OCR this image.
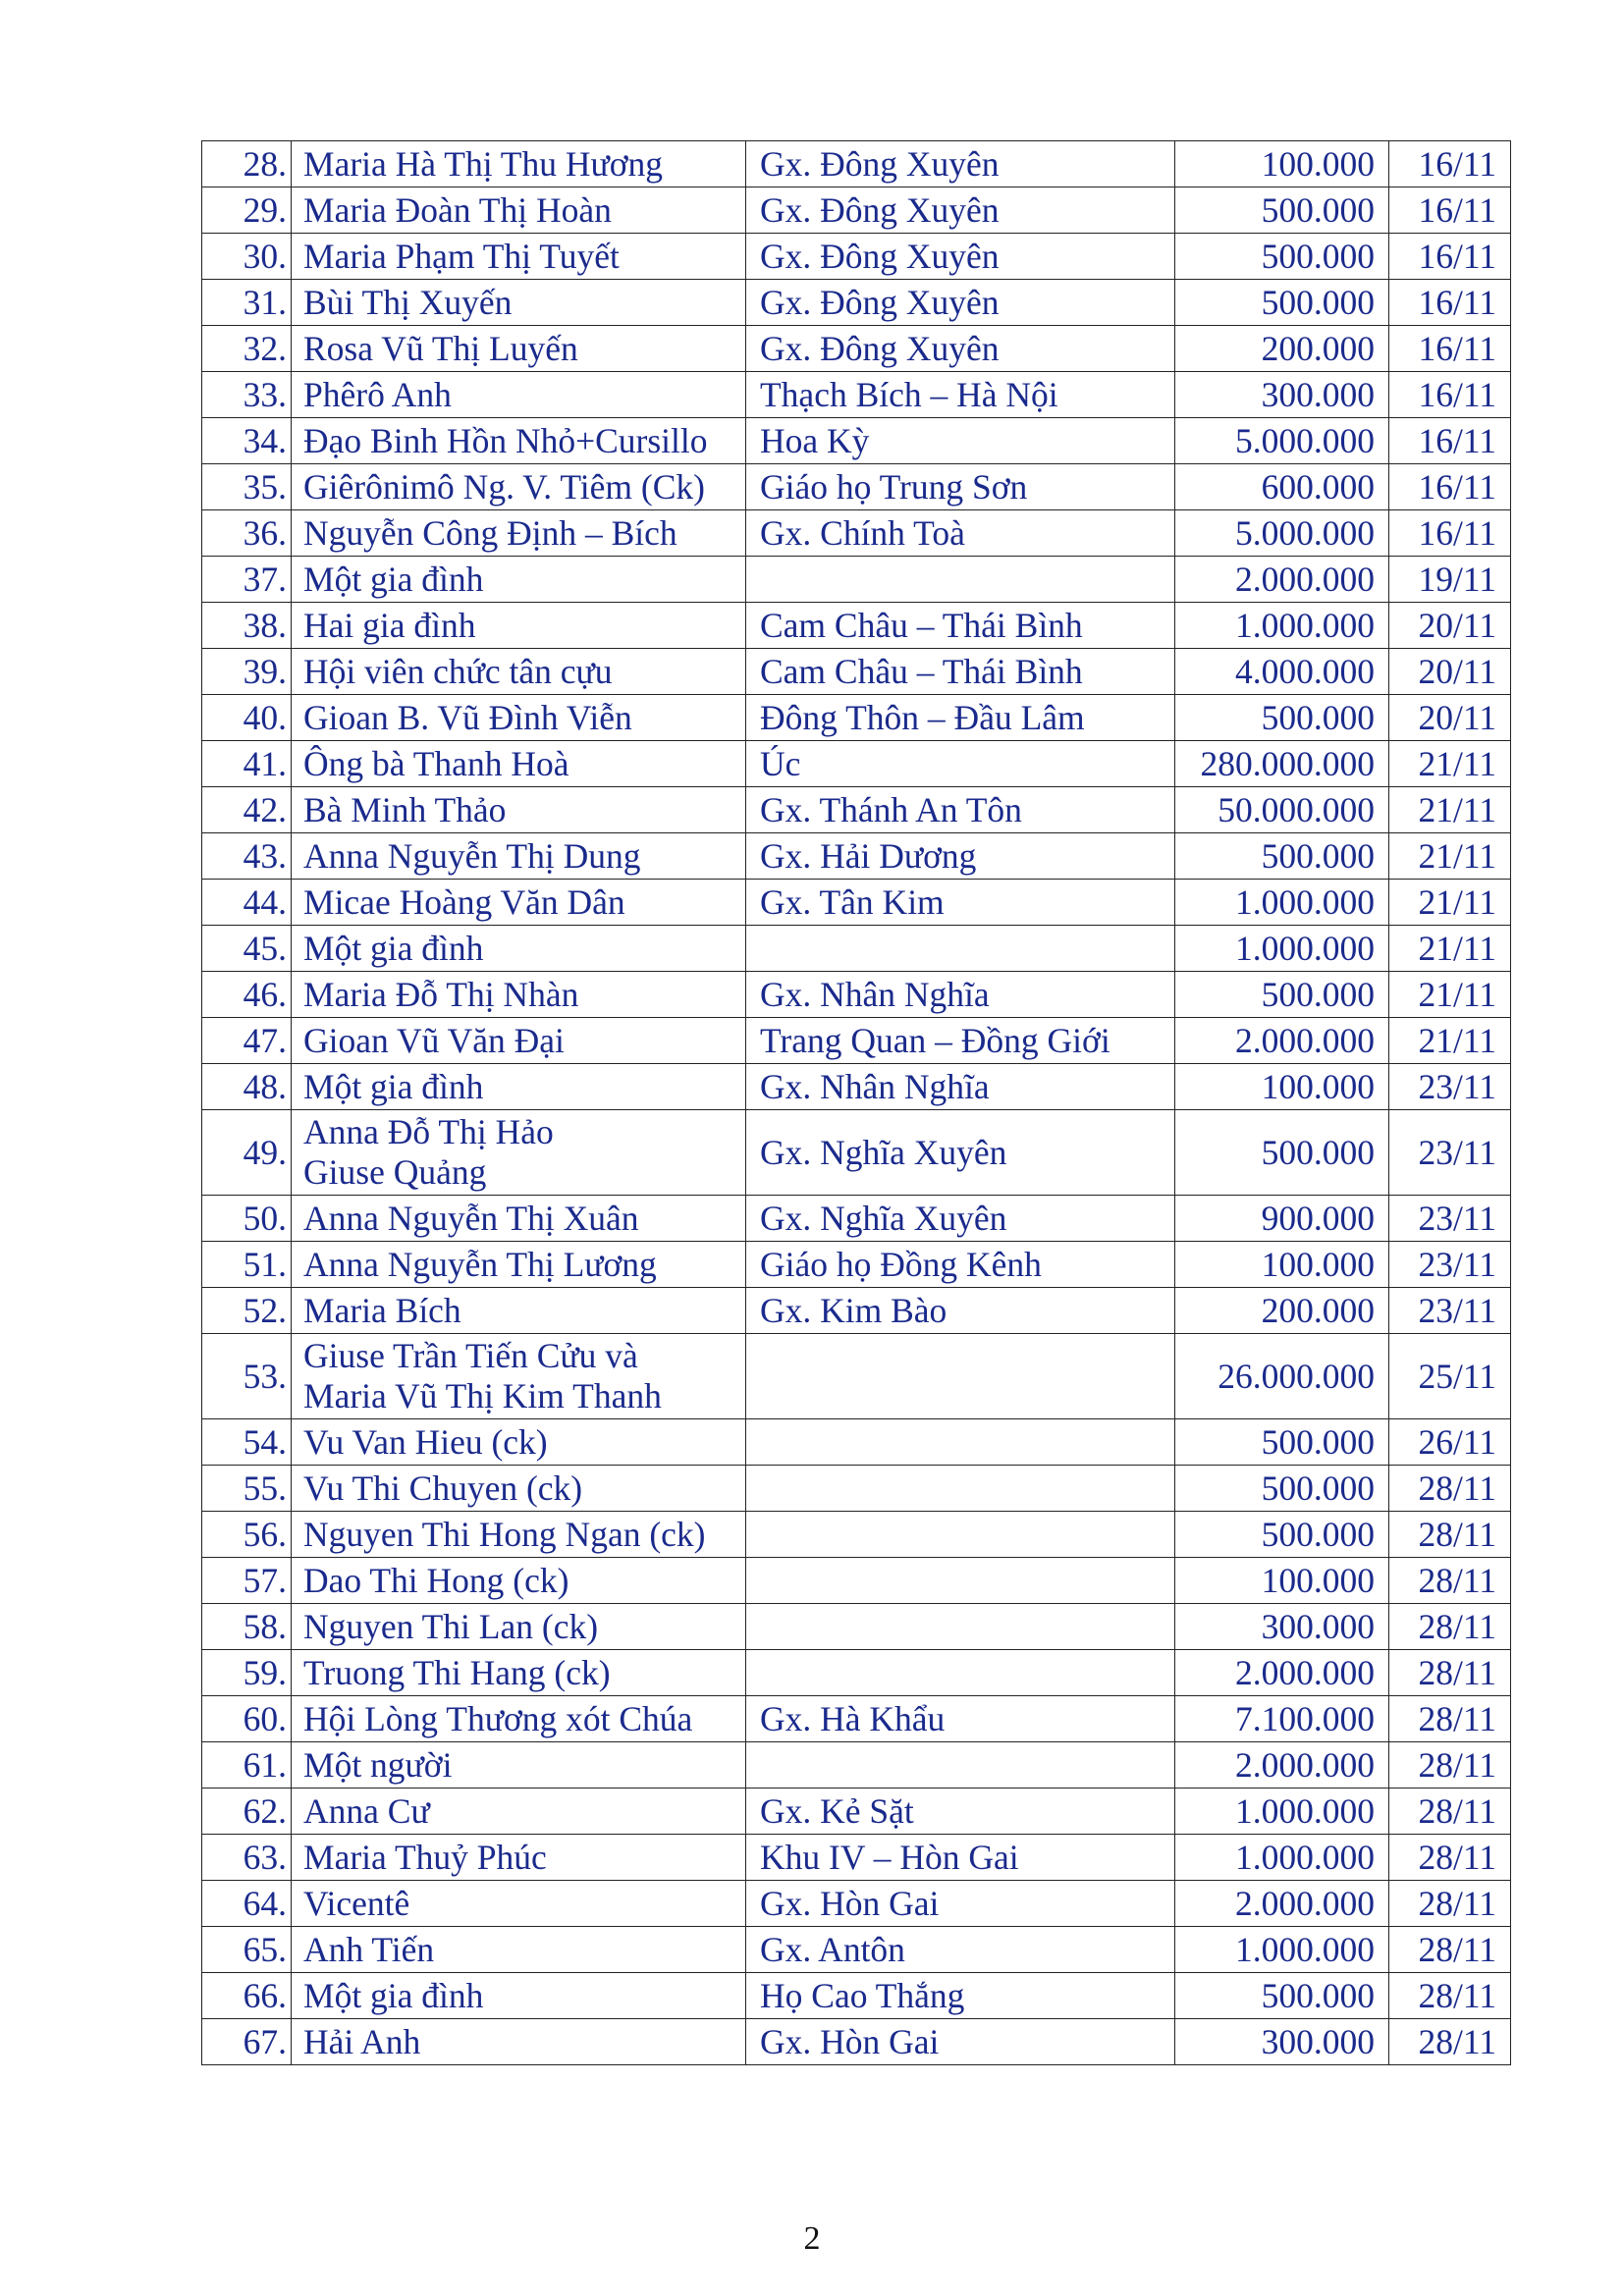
28.	Maria Hà Thị Thu Hương	Gx. Đông Xuyên	100.000	16/11
29.	Maria Đoàn Thị Hoàn	Gx. Đông Xuyên	500.000	16/11
30.	Maria Phạm Thị Tuyết	Gx. Đông Xuyên	500.000	16/11
31.	Bùi Thị Xuyến	Gx. Đông Xuyên	500.000	16/11
32.	Rosa Vũ Thị Luyến	Gx. Đông Xuyên	200.000	16/11
33.	Phêrô Anh	Thạch Bích – Hà Nội	300.000	16/11
34.	Đạo Binh Hồn Nhỏ+Cursillo	Hoa Kỳ	5.000.000	16/11
35.	Giêrônimô Ng. V. Tiêm (Ck)	Giáo họ Trung Sơn	600.000	16/11
36.	Nguyễn Công Định – Bích	Gx. Chính Toà	5.000.000	16/11
37.	Một gia đình		2.000.000	19/11
38.	Hai gia đình	Cam Châu – Thái Bình	1.000.000	20/11
39.	Hội viên chức tân cựu	Cam Châu – Thái Bình	4.000.000	20/11
40.	Gioan B. Vũ Đình Viễn	Đông Thôn – Đầu Lâm	500.000	20/11
41.	Ông bà Thanh Hoà	Úc	280.000.000	21/11
42.	Bà Minh Thảo	Gx. Thánh An Tôn	50.000.000	21/11
43.	Anna Nguyễn Thị Dung	Gx. Hải Dương	500.000	21/11
44.	Micae Hoàng Văn Dân	Gx. Tân Kim	1.000.000	21/11
45.	Một gia đình		1.000.000	21/11
46.	Maria Đỗ Thị Nhàn	Gx. Nhân Nghĩa	500.000	21/11
47.	Gioan Vũ Văn Đại	Trang Quan – Đồng Giới	2.000.000	21/11
48.	Một gia đình	Gx. Nhân Nghĩa	100.000	23/11
49.	Anna Đỗ Thị Hảo
Giuse Quảng	Gx. Nghĩa Xuyên	500.000	23/11
50.	Anna Nguyễn Thị Xuân	Gx. Nghĩa Xuyên	900.000	23/11
51.	Anna Nguyễn Thị Lương	Giáo họ Đồng Kênh	100.000	23/11
52.	Maria Bích	Gx. Kim Bào	200.000	23/11
53.	Giuse Trần Tiến Cửu và
Maria Vũ Thị Kim Thanh		26.000.000	25/11
54.	Vu Van Hieu (ck)		500.000	26/11
55.	Vu Thi Chuyen (ck)		500.000	28/11
56.	Nguyen Thi Hong Ngan (ck)		500.000	28/11
57.	Dao Thi Hong (ck)		100.000	28/11
58.	Nguyen Thi Lan (ck)		300.000	28/11
59.	Truong Thi Hang (ck)		2.000.000	28/11
60.	Hội Lòng Thương xót Chúa	Gx. Hà Khẩu	7.100.000	28/11
61.	Một người		2.000.000	28/11
62.	Anna Cư	Gx. Kẻ Sặt	1.000.000	28/11
63.	Maria Thuỷ Phúc	Khu IV – Hòn Gai	1.000.000	28/11
64.	Vicentê	Gx. Hòn Gai	2.000.000	28/11
65.	Anh Tiến	Gx. Antôn	1.000.000	28/11
66.	Một gia đình	Họ Cao Thắng	500.000	28/11
67.	Hải Anh	Gx. Hòn Gai	300.000	28/11
2
